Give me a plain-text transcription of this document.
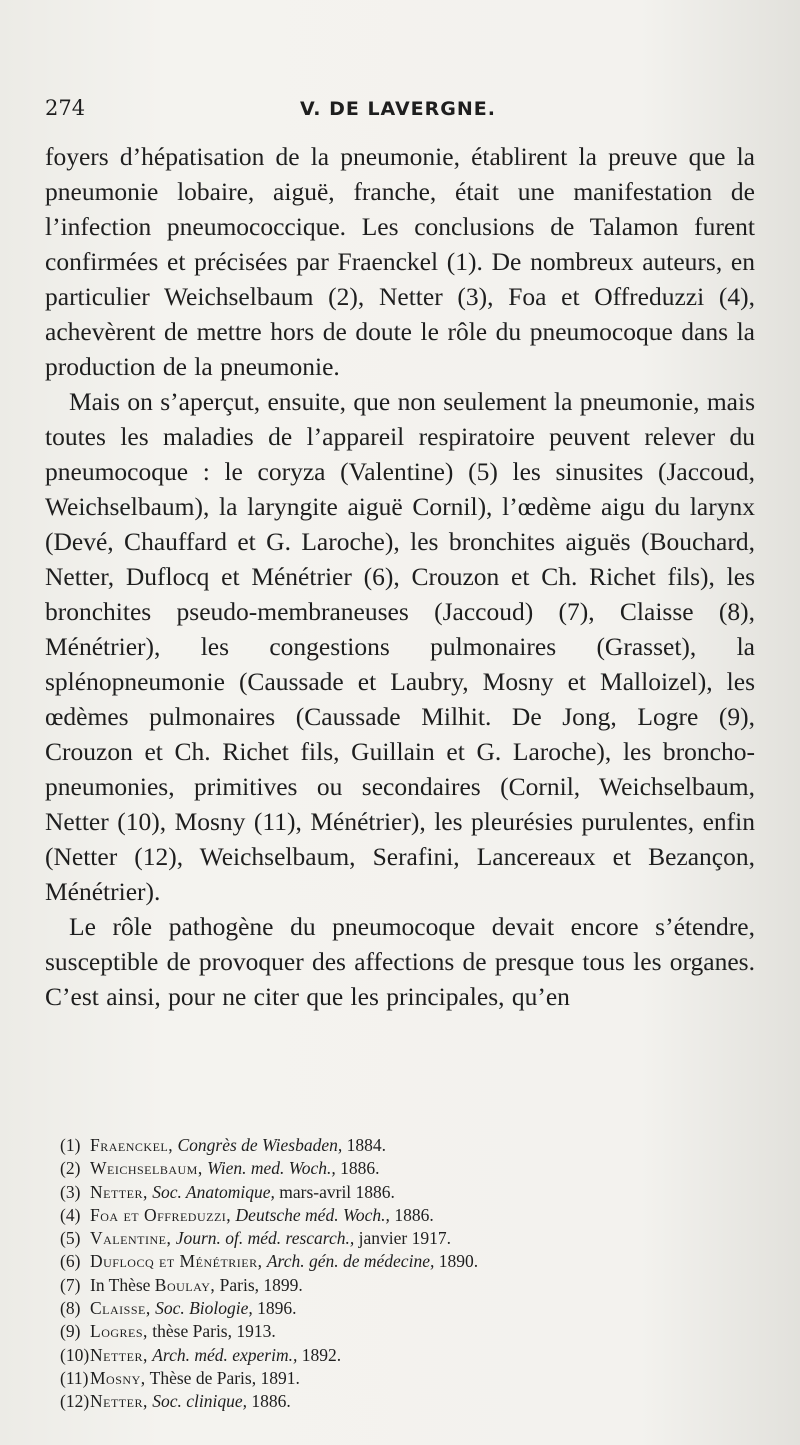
274	V. DE LAVERGNE.

foyers d’hépatisation de la pneumonie, établirent la preuve que la pneumonie lobaire, aiguë, franche, était une manifestation de l’infection pneumococcique. Les conclusions de Talamon furent confirmées et précisées par Fraenckel (1). De nombreux auteurs, en particulier Weichselbaum (2), Netter (3), Foa et Offreduzzi (4), achevèrent de mettre hors de doute le rôle du pneumocoque dans la production de la pneumonie.

Mais on s’aperçut, ensuite, que non seulement la pneumonie, mais toutes les maladies de l’appareil respiratoire peuvent relever du pneumocoque : le coryza (Valentine) (5) les sinusites (Jaccoud, Weichselbaum), la laryngite aiguë Cornil), l’œdème aigu du larynx (Devé, Chauffard et G. Laroche), les bronchites aiguës (Bouchard, Netter, Duflocq et Ménétrier (6), Crouzon et Ch. Richet fils), les bronchites pseudo-membraneuses (Jaccoud) (7), Claisse (8), Ménétrier), les congestions pulmonaires (Grasset), la splénopneumonie (Caussade et Laubry, Mosny et Malloizel), les œdèmes pulmonaires (Caussade Milhit. De Jong, Logre (9), Crouzon et Ch. Richet fils, Guillain et G. Laroche), les broncho-pneumonies, primitives ou secondaires (Cornil, Weichselbaum, Netter (10), Mosny (11), Ménétrier), les pleurésies purulentes, enfin (Netter (12), Weichselbaum, Serafini, Lancereaux et Bezançon, Ménétrier).

Le rôle pathogène du pneumocoque devait encore s’étendre, susceptible de provoquer des affections de presque tous les organes. C’est ainsi, pour ne citer que les principales, qu’en

(1) Fraenckel, Congrès de Wiesbaden, 1884.
(2) Weichselbaum, Wien. med. Woch., 1886.
(3) Netter, Soc. Anatomique, mars-avril 1886.
(4) Foa et Offreduzzi, Deutsche méd. Woch., 1886.
(5) Valentine, Journ. of. méd. rescarch., janvier 1917.
(6) Duflocq et Ménétrier, Arch. gén. de médecine, 1890.
(7) In Thèse Boulay, Paris, 1899.
(8) Claisse, Soc. Biologie, 1896.
(9) Logres, thèse Paris, 1913.
(10)Netter, Arch. méd. experim., 1892.
(11)Mosny, Thèse de Paris, 1891.
(12)Netter, Soc. clinique, 1886.
